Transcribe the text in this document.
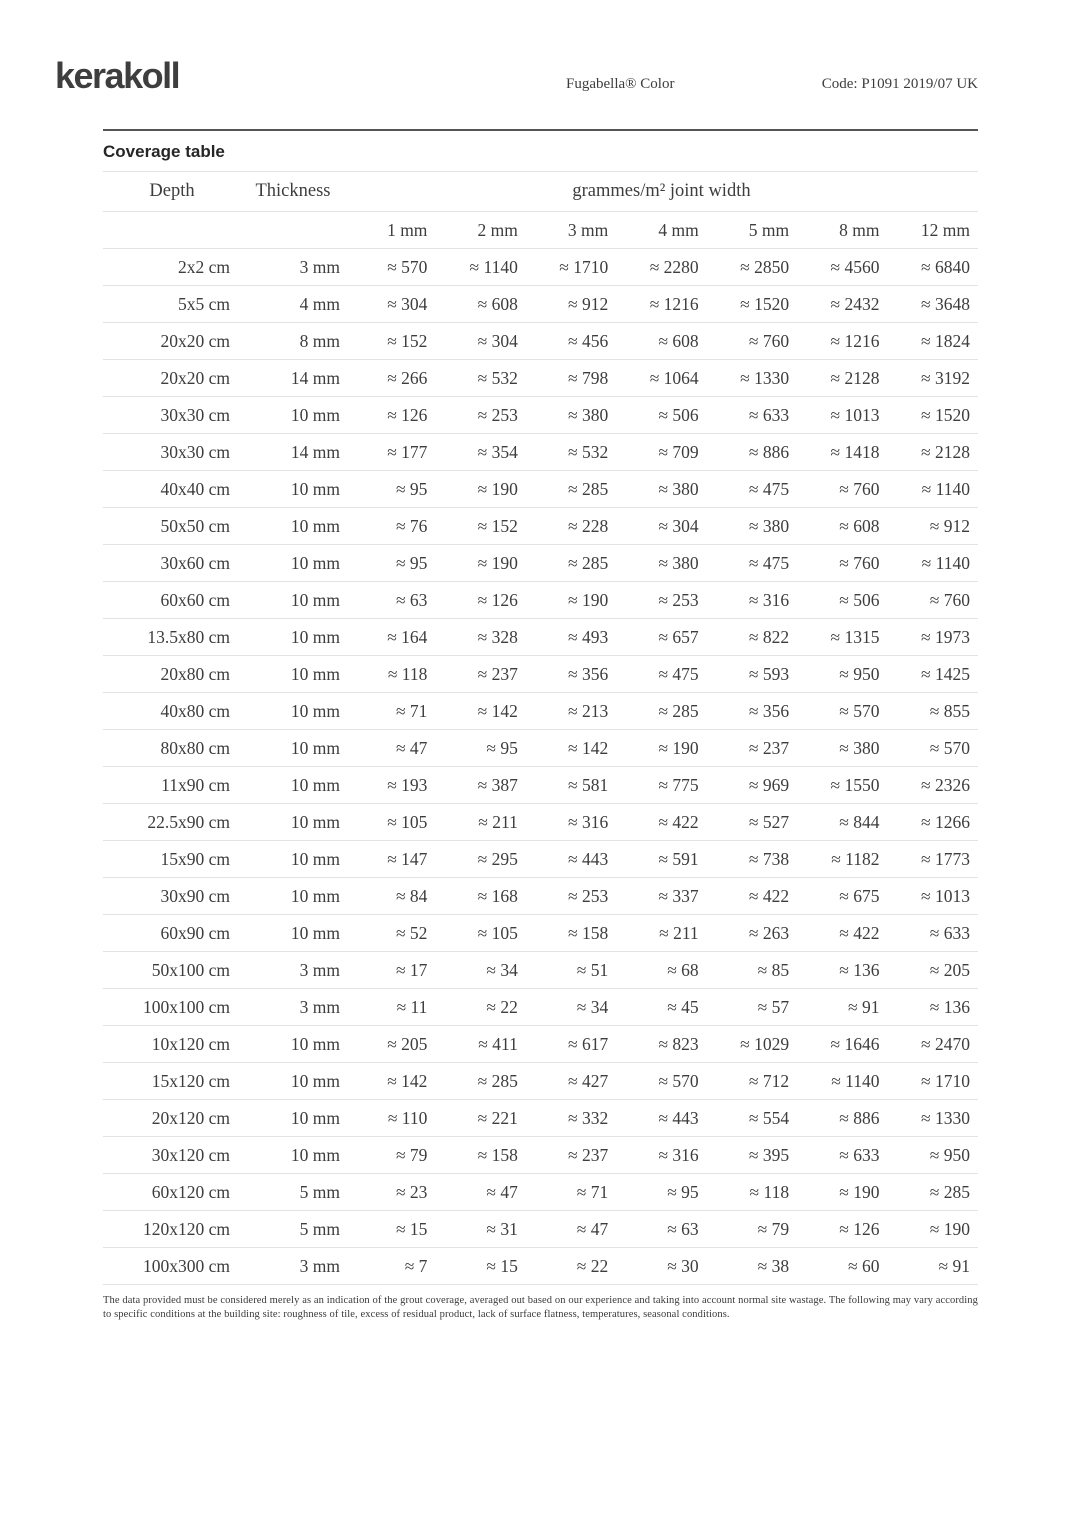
kerakoll	Fugabella® Color	Code: P1091 2019/07 UK
Coverage table
Depth	Thickness	grammes/m² joint width						
		1 mm	2 mm	3 mm	4 mm	5 mm	8 mm	12 mm
2x2 cm	3 mm	≈ 570	≈ 1140	≈ 1710	≈ 2280	≈ 2850	≈ 4560	≈ 6840
5x5 cm	4 mm	≈ 304	≈ 608	≈ 912	≈ 1216	≈ 1520	≈ 2432	≈ 3648
20x20 cm	8 mm	≈ 152	≈ 304	≈ 456	≈ 608	≈ 760	≈ 1216	≈ 1824
20x20 cm	14 mm	≈ 266	≈ 532	≈ 798	≈ 1064	≈ 1330	≈ 2128	≈ 3192
30x30 cm	10 mm	≈ 126	≈ 253	≈ 380	≈ 506	≈ 633	≈ 1013	≈ 1520
30x30 cm	14 mm	≈ 177	≈ 354	≈ 532	≈ 709	≈ 886	≈ 1418	≈ 2128
40x40 cm	10 mm	≈ 95	≈ 190	≈ 285	≈ 380	≈ 475	≈ 760	≈ 1140
50x50 cm	10 mm	≈ 76	≈ 152	≈ 228	≈ 304	≈ 380	≈ 608	≈ 912
30x60 cm	10 mm	≈ 95	≈ 190	≈ 285	≈ 380	≈ 475	≈ 760	≈ 1140
60x60 cm	10 mm	≈ 63	≈ 126	≈ 190	≈ 253	≈ 316	≈ 506	≈ 760
13.5x80 cm	10 mm	≈ 164	≈ 328	≈ 493	≈ 657	≈ 822	≈ 1315	≈ 1973
20x80 cm	10 mm	≈ 118	≈ 237	≈ 356	≈ 475	≈ 593	≈ 950	≈ 1425
40x80 cm	10 mm	≈ 71	≈ 142	≈ 213	≈ 285	≈ 356	≈ 570	≈ 855
80x80 cm	10 mm	≈ 47	≈ 95	≈ 142	≈ 190	≈ 237	≈ 380	≈ 570
11x90 cm	10 mm	≈ 193	≈ 387	≈ 581	≈ 775	≈ 969	≈ 1550	≈ 2326
22.5x90 cm	10 mm	≈ 105	≈ 211	≈ 316	≈ 422	≈ 527	≈ 844	≈ 1266
15x90 cm	10 mm	≈ 147	≈ 295	≈ 443	≈ 591	≈ 738	≈ 1182	≈ 1773
30x90 cm	10 mm	≈ 84	≈ 168	≈ 253	≈ 337	≈ 422	≈ 675	≈ 1013
60x90 cm	10 mm	≈ 52	≈ 105	≈ 158	≈ 211	≈ 263	≈ 422	≈ 633
50x100 cm	3 mm	≈ 17	≈ 34	≈ 51	≈ 68	≈ 85	≈ 136	≈ 205
100x100 cm	3 mm	≈ 11	≈ 22	≈ 34	≈ 45	≈ 57	≈ 91	≈ 136
10x120 cm	10 mm	≈ 205	≈ 411	≈ 617	≈ 823	≈ 1029	≈ 1646	≈ 2470
15x120 cm	10 mm	≈ 142	≈ 285	≈ 427	≈ 570	≈ 712	≈ 1140	≈ 1710
20x120 cm	10 mm	≈ 110	≈ 221	≈ 332	≈ 443	≈ 554	≈ 886	≈ 1330
30x120 cm	10 mm	≈ 79	≈ 158	≈ 237	≈ 316	≈ 395	≈ 633	≈ 950
60x120 cm	5 mm	≈ 23	≈ 47	≈ 71	≈ 95	≈ 118	≈ 190	≈ 285
120x120 cm	5 mm	≈ 15	≈ 31	≈ 47	≈ 63	≈ 79	≈ 126	≈ 190
100x300 cm	3 mm	≈ 7	≈ 15	≈ 22	≈ 30	≈ 38	≈ 60	≈ 91

The data provided must be considered merely as an indication of the grout coverage, averaged out based on our experience and taking into account normal site wastage. The following may vary according to specific conditions at the building site: roughness of tile, excess of residual product, lack of surface flatness, temperatures, seasonal conditions.
